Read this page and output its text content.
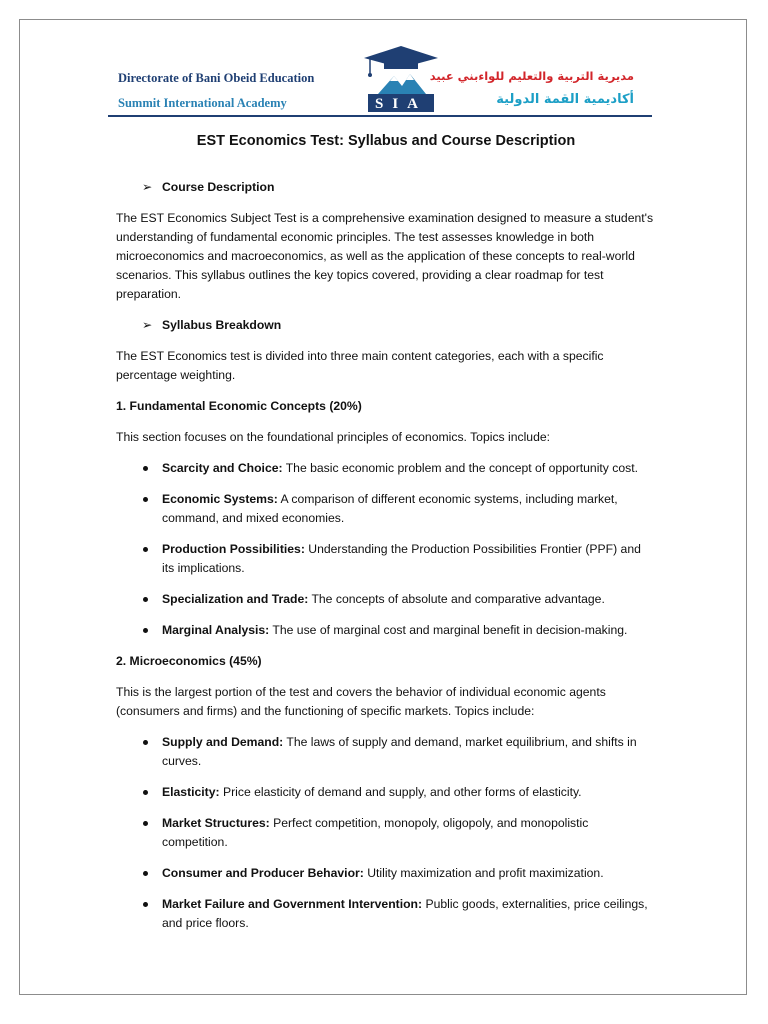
Directorate of Bani Obeid Education
Summit International Academy	SIA
مديرية التربية والتعليم للواءبني عبيد
أكاديمية القمة الدولية
EST Economics Test: Syllabus and Course Description
➢ Course Description

The EST Economics Subject Test is a comprehensive examination designed to measure a student's understanding of fundamental economic principles. The test assesses knowledge in both microeconomics and macroeconomics, as well as the application of these concepts to real-world scenarios. This syllabus outlines the key topics covered, providing a clear roadmap for test preparation.

➢ Syllabus Breakdown

The EST Economics test is divided into three main content categories, each with a specific percentage weighting.

1. Fundamental Economic Concepts (20%)

This section focuses on the foundational principles of economics. Topics include:

Scarcity and Choice: The basic economic problem and the concept of opportunity cost.
Economic Systems: A comparison of different economic systems, including market, command, and mixed economies.
Production Possibilities: Understanding the Production Possibilities Frontier (PPF) and its implications.
Specialization and Trade: The concepts of absolute and comparative advantage.
Marginal Analysis: The use of marginal cost and marginal benefit in decision-making.
2. Microeconomics (45%)

This is the largest portion of the test and covers the behavior of individual economic agents (consumers and firms) and the functioning of specific markets. Topics include:

Supply and Demand: The laws of supply and demand, market equilibrium, and shifts in curves.
Elasticity: Price elasticity of demand and supply, and other forms of elasticity.
Market Structures: Perfect competition, monopoly, oligopoly, and monopolistic competition.
Consumer and Producer Behavior: Utility maximization and profit maximization.
Market Failure and Government Intervention: Public goods, externalities, price ceilings, and price floors.
